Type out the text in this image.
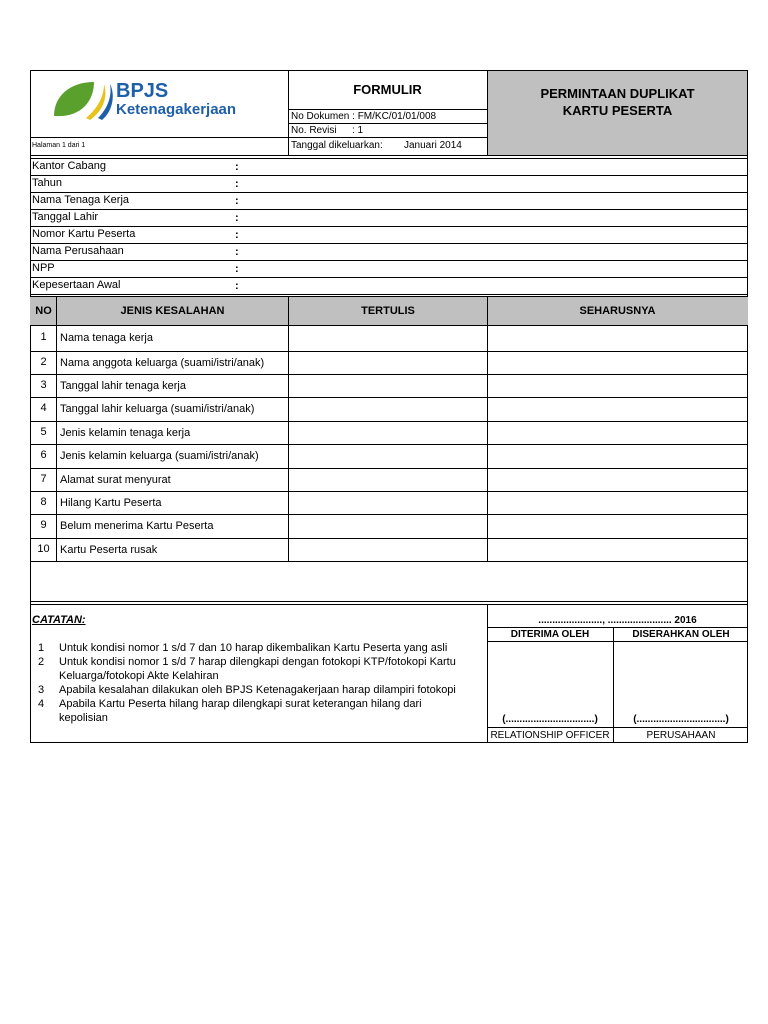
BPJS
Ketenagakerjaan
Halaman 1 dari 1
FORMULIR
No Dokumen : FM/KC/01/01/008
No. Revisi : 1
Tanggal dikeluarkan: Januari 2014
PERMINTAAN DUPLIKAT
KARTU PESERTA
Kantor Cabang	:
Tahun	:
Nama Tenaga Kerja	:
Tanggal Lahir	:
Nomor Kartu Peserta	:
Nama Perusahaan	:
NPP	:
Kepesertaan Awal	:
NO	JENIS KESALAHAN	TERTULIS	SEHARUSNYA
1	Nama tenaga kerja
2	Nama anggota keluarga (suami/istri/anak)
3	Tanggal lahir tenaga kerja
4	Tanggal lahir keluarga (suami/istri/anak)
5	Jenis kelamin tenaga kerja
6	Jenis kelamin keluarga (suami/istri/anak)
7	Alamat surat menyurat
8	Hilang Kartu Peserta
9	Belum menerima Kartu Peserta
10 Kartu Peserta rusak
CATATAN:
1 Untuk kondisi nomor 1 s/d 7 dan 10 harap dikembalikan Kartu Peserta yang asli
2 Untuk kondisi nomor 1 s/d 7 harap dilengkapi dengan fotokopi KTP/fotokopi Kartu
Keluarga/fotokopi Akte Kelahiran
3 Apabila kesalahan dilakukan oleh BPJS Ketenagakerjaan harap dilampiri fotokopi
4 Apabila Kartu Peserta hilang harap dilengkapi surat keterangan hilang dari
kepolisian
......................., ....................... 2016
DITERIMA OLEH	DISERAHKAN OLEH
(................................)	(................................)
RELATIONSHIP OFFICER	PERUSAHAAN
